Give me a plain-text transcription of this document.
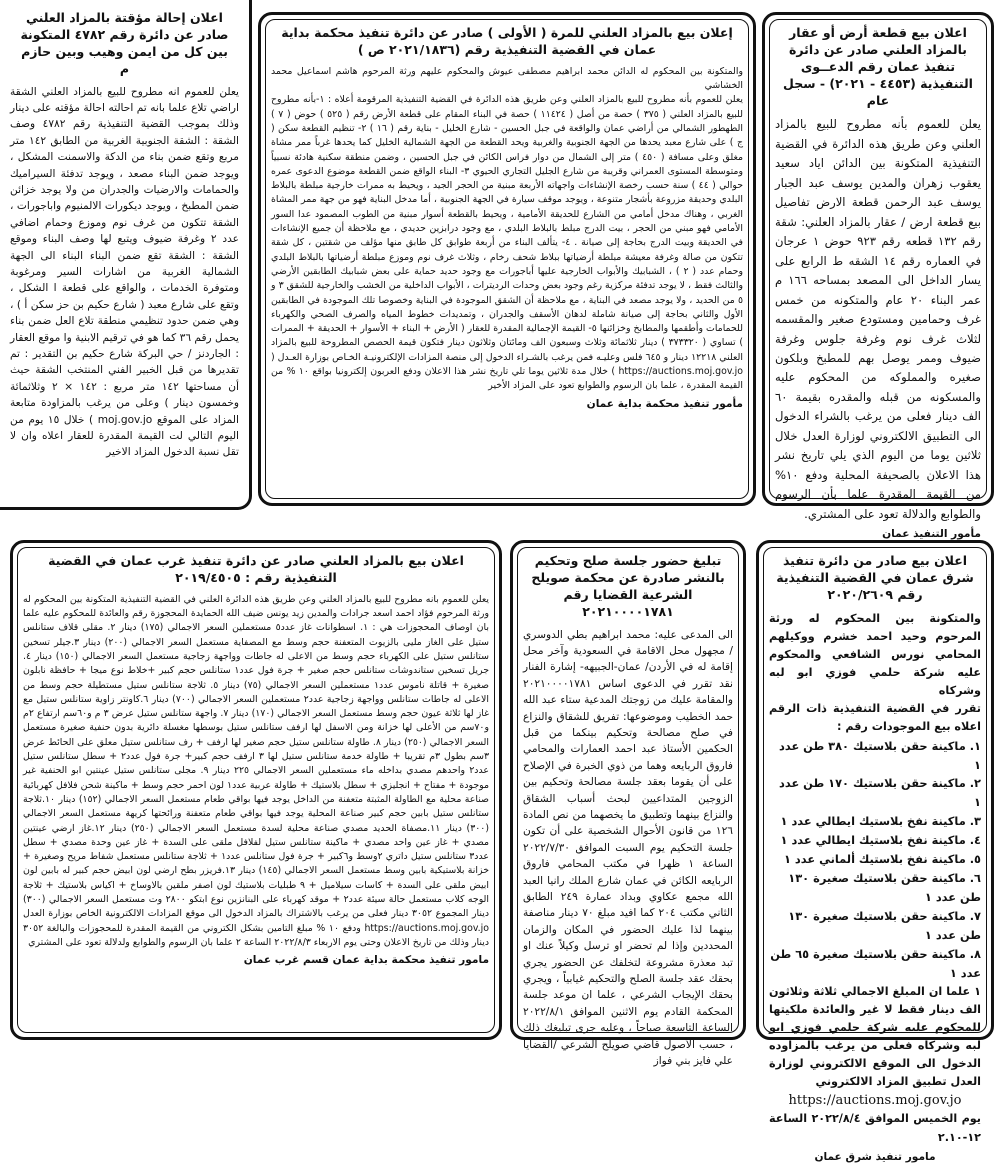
اعلان بيع قطعة أرض أو عقار بالمزاد العلني صادر عن دائرة تنفيذ عمان رقم الدعــوى التنفيذية (٤٤٥٣ - ٢٠٢١) - سجل عام
يعلن للعموم بأنه مطروح للبيع بالمزاد العلني وعن طريق هذه الدائرة في القضية التنفيذية المتكونة بين الدائن اياد سعيد يعقوب زهران والمدين يوسف عبد الجبار يوسف عبد الرحمن قطعة الارض تفاصيل بيع قطعة ارض / عقار بالمزاد العلني: شقة رقم ١٣٢ قطعه رقم ٩٢٣ حوض ١ عرجان في العماره رقم ١٤ الشقه ط الرابع على يسار الداخل الى المصعد بمساحه ١٦٦ م عمر البناء ٢٠ عام والمتكونه من خمس غرف وحمامين ومستودع صغير والمقسمه لثلاث غرف نوم وغرفة جلوس وغرفة ضيوف وممر يوصل بهم للمطبخ وبلكون صغيره والمملوكه من المحكوم عليه والمسكونه من قبله والمقدره بقيمة ٦٠ الف دينار فعلى من يرغب بالشراء الدخول الى التطبيق الالكتروني لوزارة العدل خلال ثلاثين يوما من اليوم الذي يلي تاريخ نشر هذا الاعلان بالصحيفة المحلية ودفع ١٠% من القيمة المقدرة علما بأن الرسوم والطوابع والدلالة تعود على المشتري.
مأمور التنفيذ عمان
إعلان بيع بالمزاد العلني للمرة ( الأولى ) صادر عن دائرة تنفيذ محكمة بداية عمان في القضية التنفيذية رقم (٢٠٢١/١٨٣٦ ص )
والمتكونة بين المحكوم له الدائن محمد ابراهيم مصطفى عيوش والمحكوم عليهم ورثة المرحوم هاشم اسماعيل محمد الخشاشي
يعلن للعموم بأنه مطروح للبيع بالمزاد العلني وعن طريق هذه الدائرة في القضية التنفيذية المرقومة أعلاه : ١-بأنه مطروح للبيع بالمزاد العلني ( ٣٧٥ ) حصة من أصل ( ١١٤٢٤ ) حصة في البناء المقام على قطعة الأرض رقم ( ٥٢٥ ) حوض ( ٧ ) الطهطور الشمالي من أراضي عمان والواقعة في جبل الحسين - شارع الخليل - بناية رقم ( ١٦ ) ٢- تنظيم القطعة سكن ( ج ) على شارع معبد يحدها من الجهة الجنوبية والغربية ويحد القطعة من الجهة الشمالية الخليل كما يحدها غرباً ممر مشاة مغلق وعلى مسافة ( ٤٥٠ ) متر إلى الشمال من دوار فراس الكائن في جبل الحسين ، وضمن منطقة سكنية هادئة نسبياً ومتوسطة المستوى العمراني وقريبة من شارع الجليل التجاري الحيوي ٣- البناء الواقع ضمن القطعة موضوع الدعوى عمره حوالي ( ٤٤ ) سنة حسب رخصة الإنشاءات واجهاته الأربعة مبنية من الحجر الجيد ، ويحيط به ممرات خارجية مبلطة بالبلاط البلدي وحديقة مزروعة بأشجار متنوعة ، ويوجد موقف سيارة في الجهة الجنوبية ، أما مدخل البناية فهو من جهة ممر المشاة الغربي ، وهناك مدخل أمامي من الشارع للحديقة الأمامية ، ويحيط بالقطعة أسوار مبنية من الطوب المصمود عدا السور الأمامي فهو مبني من الحجر ، بيت الدرج مبلط بالبلاط البلدي ، مع وجود درابزين حديدي ، مع ملاحظة أن جميع الإنشاءات في الحديقة وبيت الدرج بحاجة إلى صيانة . ٤- يتألف البناء من أربعة طوابق كل طابق منها مؤلف من شقتين ، كل شقة تتكون من صالة وغرفة معيشة مبلطة أرضياتها ببلاط شحف رخام ، وثلاث غرف نوم وموزع مبلطة أرضياتها بالبلاط البلدي وحمام عدد ( ٢ ) ، الشبابيك والأبواب الخارجية عليها أباجورات مع وجود حديد حماية على بعض شبابيك الطابقين الأرضي والثالث فقط ، لا يوجد تدفئة مركزية رغم وجود بعض وحدات الرديترات ، الأبواب الداخلية من الخشب والخارجية للشقق ٣ و ٥ من الحديد ، ولا يوجد مصعد في البناية ، مع ملاحظة أن الشقق الموجودة في البناية وخصوصا تلك الموجودة في الطابقين الأول والثاني بحاجة إلى صيانة شاملة لدهان الأسقف والجدران ، وتمديدات خطوط المياه والصرف الصحي والكهرباء للحمامات وأطقمها والمطابخ وخزائنها ٥- القيمة الإجمالية المقدرة للعقار ( الأرض + البناء + الأسوار + الحديقة + الممرات ) تساوي ( ٣٧٣٣٢٠ ) دينار ثلاثمائة وثلاث وسبعون الف ومائتان وثلاثون دينار فتكون قيمة الحصص المطروحة للبيع بالمزاد العلني ١٢٢١٨ دينار و ٦٤٥ فلس وعليـه فمن يرغب بالشـراء الدخول إلى منصة المزادات الإلكترونيـة الخـاص بوزارة العـدل ( https://auctions.moj.gov.jo ) خلال مدة ثلاثين يوما تلي تاريخ نشر هذا الاعلان ودفع العربون إلكترونيا بواقع ١٠ % من القيمة المقدرة ، علما بان الرسوم والطوابع تعود على المزاد الأخير
مأمور تنفيذ محكمة بداية عمان
اعلان إحالة مؤقتة بالمزاد العلني صادر عن دائرة رقم ٤٧٨٢ المتكونة بين كل من ايمن وهيب وبين حازم م
يعلن للعموم انه مطروح للبيع بالمزاد العلني الشقة اراضي تلاع علما بانه تم احالته احالة مؤقته على دينار وذلك بموجب القضية التنفيذية رقم ٤٧٨٢ وصف الشقة : الشقة الجنوبية الغربية من الطابق ١٤٢ متر مربع وتقع ضمن بناء من الدكة والاسمنت المشكل ، ويوجد ضمن البناء مصعد ، ويوجد تدفئة السيراميك والحمامات والارضيات والجدران من ولا يوجد خزائن ضمن المطبخ ، ويوجد ديكورات الالمنيوم واباجورات ، الشقة تتكون من غرف نوم وموزع وحمام اضافي عدد ٢ وغرفة ضيوف ويتبع لها وصف البناء وموقع الشقة : الشقة تقع ضمن البناء البناء الى الجهة الشمالية الغربية من اشارات السير ومرغوبة ومتوفرة الخدمات ، والواقع على قطعة ا الشكل ، وتقع على شارع معبد ( شارع حكيم بن حز سكن أ ) ، وهي ضمن حدود تنظيمي منطقة تلاع العل ضمن بناء يحمل رقم ٣٦ كما هو في ترقيم الابنية وا موقع العقار : الجاردنز / حي البركة شارع حكيم بن التقدير : تم تقديرها من قبل الخبير الفني المنتخب الشقة حيث أن مساحتها ١٤٢ متر مربع : ١٤٢ × ٢ وثلاثمائة وخمسون دينار ) وعلى من يرغب بالمزاودة متابعة المزاد على الموقع moj.gov.jo ) خلال ١٥ يوم من اليوم التالي لت القيمة المقدرة للعقار اعلاه وان لا تقل نسبة الدخول المزاد الاخير
اعلان بيع بالمزاد العلني صادر عن دائرة تنفيذ غرب عمان في القضية التنفيذية رقم : ٢٠١٩/٤٥٠٥
يعلن للعموم بانه مطروح للبيع بالمزاد العلني وعن طريق هذه الدائرة العلني في القضية التنفيذية المتكونة بين المحكوم له ورثة المرحوم فؤاد احمد اسعد جرادات والمدين زيد يونس ضيف الله الحمايدة المحجوزة رقم والعائدة للمحكوم عليه علما بان اوصاف المحجوزات هي : ١. اسطوانات غاز عدد٥ مستعملين السعر الاجمالي (١٧٥) دينار ٢. مقلى قلاف ستانلس ستيل على الغاز مليى بالزيوت المتعفنة حجم وسط مع المصفاية مستعمل السعر الاجمالي (٢٠٠) دينار ٣.جيلر تسخين ستانلس ستيل على الكهرباء حجم وسط من الاعلى له جاطات وواجهة زجاجية مستعمل السعر الاجمالي (١٥٠) دينار ٤. جريل تسخين ستاندوشات ستانلس حجم صغير + جرة فول عدد١ ستانلس حجم كبير +خلاط نوع ميجا + حافظة نابلون صغيرة + قاتلة ناموس عدد١ مستعملين السعر الاجمالي (٧٥) دينار ٥. ثلاجة ستانلس ستيل مستطيلة حجم وسط من الاعلى له جاطات ستانلس وواجهة زجاجية عدد٢ مستعملين السعر الاجمالي (٧٠٠) دينار ٦.كاونتر زاوية ستانلس ستيل مع غاز لها ثلاثة عيون حجم وسط مستعمل السعر الاجمالي (١٧٠) دينار ٧. واجهة ستانلس ستيل عرض ٣ م و٦٠سم ارتفاع ٢م و٧٠سم من الأعلى لها خزانة ومن الاسفل لها ارفف ستانلس ستيل بوسطها مغسلة دائرية بدون حنفية صغيرة مستعمل السعر الاجمالي (٢٥٠) دينار ٨. طاولة ستانلس ستيل حجم صغير لها ارفف + رف ستانلس ستيل معلق على الحائط عرض ٣سم بطول ٣م تقريبا + طاولة خدمة ستانلس ستيل لها ٣ ارفف حجم كبير+ جرة فول عدد٢ + سطل ستانلس ستيل عدد٢ واحدهم مصدي بداخله ماء مستعملين السعر الاجمالي ٢٢٥ دينار ٩. مجلى ستانلس ستيل عينتين ابو الحنفية غير موجودة + مفتاح + انجليزي + سطل بلاستيك + طاولة عربية عدد١ لون احمر حجم وسط + ماكينة شحن فلافل كهربائية صناعة محلية مع الطاولة المثبتة متعفنة من الداخل يوجد فيها بواقي طعام مستعمل السعر الاجمالي (١٥٢) دينار ١٠.ثلاجة ستانلس ستيل بابين حجم كبير صناعة المحلية يوجد فيها بواقي طعام متعفنة ورائحتها كريهة مستعمل السعر الاجمالي (٣٠٠) دينار ١١.مصفاة الحديد مصدي صناعة محلية لسدة مستعمل السعر الاجمالي (٢٥٠) دينار ١٢.غاز ارضي عينتين مصدي + غاز عين واحد مصدي + ماكينة ستانلس ستيل لفلافل ملقى على السدة + غاز عين وحدة مصدي + سطل عدد٣ ستانلس ستيل داتري ٢وسط و٦كبير + جرة فول ستانلس عدد١ + ثلاجة ستانلس مستعمل شفاط مريح وصغيرة + خزانة بلاستيكية بابين وسط مستعمل السعر الاجمالي (١٤٥) دينار ١٣.فريزر بطح ارضي لون ابيض حجم كبير له بابين لون ابيض ملقى على السدة + كاسات سيلاميل + ٩ طبليات بلاستيك لون اصفر ملقين بالاوساخ + اكياس بلاستيك + ثلاجة الوجه كلاب مستعمل حالة سيئة عدد٢ + موقد كهرباء على البنانزين نوع ابتكو ٢٨٠٠ وت مستعمل السعر الاجمالي (٣٠٠) دينار المجموع ٣٠٥٢ دينار فعلى من يرغب بالاشتراك بالمزاد الدخول الى موقع المزادات الالكترونية الخاص بوزارة العدل https://auctions.moj.gov.jo ودفع ١٠ % مبلغ التامين بشكل الكتروني من القيمة المقدرة للمحجوزات والبالغة ٣٠٥٢ دينار وذلك من تاريخ الاعلان وحتى يوم الاربعاء ٢٠٢٢/٨/٣ الساعة ٢ علما بان الرسوم والطوابع ولدلالة تعود على المشتري
مامور تنفيذ محكمة بداية عمان قسم غرب عمان
تبليغ حضور جلسة صلح وتحكيم بالنشر صادرة عن محكمة صويلح الشرعية القضايا رقم ٢٠٢١٠٠٠٠١٧٨١
الى المدعى عليه: محمد ابراهيم بطي الدوسري / مجهول محل الاقامة في السعودية وآخر محل إقامة له في الأردن/ عمان-الجبيهه- إشارة الفنار نقد تقرر في الدعوى اساس ٢٠٢١٠٠٠٠١٧٨١ والمقامة عليك من زوجتك المدعية ستاء عبد الله حمد الخطيب وموضوعها: تفريق للشقاق والنزاع في صلح مصالحة وتحكيم بينكما من قبل الحكمين الأستاذ عبد احمد العمارات والمحامي فاروق الربايعه وهما من ذوي الخبرة في الإصلاح على أن يقوما بعقد جلسة مصالحة وتحكيم بين الزوجين المتداعيين لبحث أسباب الشقاق والنزاع بينهما وتطبيق ما يخصهما من نص المادة ١٢٦ من قانون الأحوال الشخصية على أن تكون جلسة التحكيم يوم السبت الموافق ٢٠٢٢/٧/٣٠ الساعة ١ ظهرا في مكتب المحامي فاروق الربايعه الكائن في عمان شارع الملك رانيا العبد الله مجمع عكاوي وبداد عمارة ٢٤٩ الطابق الثاني مكتب ٢٠٤ كما افيد مبلغ ٧٠ دينار مناصفة بينهما لذا عليك الحضور في المكان والزمان المحددين وإذا لم تحضر او ترسل وكيلاً عنك او تبد معذرة مشروعة لتخلفك عن الحضور يجري بحقك عقد جلسة الصلح والتحكيم غيابياً ، ويجري بحقك الإيجاب الشرعي ، علما ان موعد جلسة المحكمة القادم يوم الاثنين الموافق ٢٠٢٢/٨/١ الساعة التاسعة صباحاً ، وعليه جرى تبليغك ذلك ، حسب الأصول قاضي صويلح الشرعي /القضايا علي فايز بني فواز
اعلان بيع صادر من دائرة تنفيذ شرق عمان في القضية التنفيذية رقم ٢٠٢٠/٢٦٠٩
والمتكونة بين المحكوم له ورثة المرحوم وحيد احمد خشرم ووكيلهم المحامي نورس الشافعي والمحكوم عليه شركة حلمي فوزي ابو لبه وشركاه
تقرر في القضية التنفيذية ذات الرقم اعلاه بيع الموجودات رقم :
١. ماكينة حقن بلاستيك ٣٨٠ طن عدد ١
٢. ماكينة حقن بلاستيك ١٧٠ طن عدد ١
٣. ماكينة نفخ بلاستيك ايطالي عدد ١
٤. ماكينة نفخ بلاستيك ايطالي عدد ١
٥. ماكينة نفخ بلاستيك ألماني عدد ١
٦. ماكينة حقن بلاستيك صغيرة ١٣٠ طن عدد ١
٧. ماكينة حقن بلاستيك صغيرة ١٣٠ طن عدد ١
٨. ماكينة حقن بلاستيك صغيرة ٦٥ طن عدد ١
١ علما ان المبلغ الاجمالي ثلاثة وثلاثون الف دينار فقط لا غير والعائدة ملكيتها للمحكوم عليه شركة حلمي فوزي ابو لبه وشركاه فعلى من يرغب بالمزاوده الدخول الى الموقع الالكتروني لوزارة العدل تطبيق المزاد الالكتروني
https://auctions.moj.gov.jo
يوم الخميس الموافق ٢٠٢٢/٨/٤ الساعة ١٢-٢.١٠
مامور تنفيذ شرق عمان
